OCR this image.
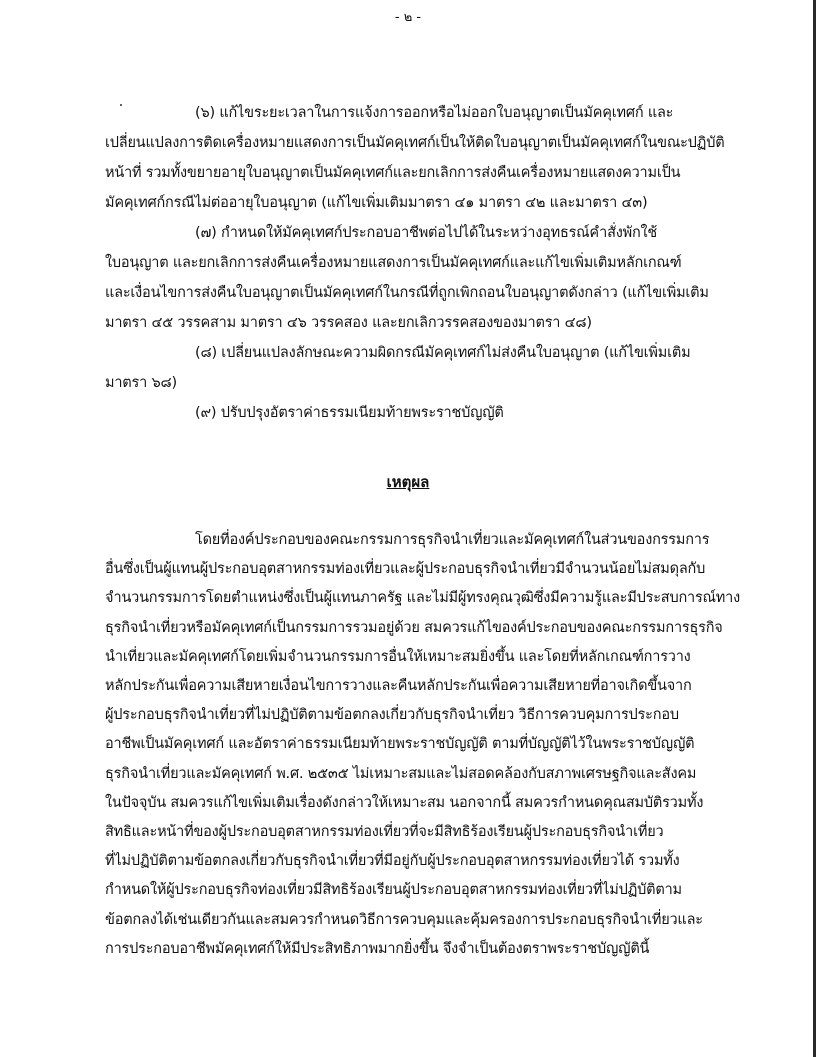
- ๒ -
(๖) แก้ไขระยะเวลาในการแจ้งการออกหรือไม่ออกใบอนุญาตเป็นมัคคุเทศก์ และ
เปลี่ยนแปลงการติดเครื่องหมายแสดงการเป็นมัคคุเทศก์เป็นให้ติดใบอนุญาตเป็นมัคคุเทศก์ในขณะปฏิบัติ
หน้าที่ รวมทั้งขยายอายุใบอนุญาตเป็นมัคคุเทศก์และยกเลิกการส่งคืนเครื่องหมายแสดงความเป็น
มัคคุเทศก์กรณีไม่ต่ออายุใบอนุญาต (แก้ไขเพิ่มเติมมาตรา ๔๑ มาตรา ๔๒ และมาตรา ๔๓)
(๗) กำหนดให้มัคคุเทศก์ประกอบอาชีพต่อไปได้ในระหว่างอุทธรณ์คำสั่งพักใช้
ใบอนุญาต และยกเลิกการส่งคืนเครื่องหมายแสดงการเป็นมัคคุเทศก์และแก้ไขเพิ่มเติมหลักเกณฑ์
และเงื่อนไขการส่งคืนใบอนุญาตเป็นมัคคุเทศก์ในกรณีที่ถูกเพิกถอนใบอนุญาตดังกล่าว (แก้ไขเพิ่มเติม
มาตรา ๔๕ วรรคสาม มาตรา ๔๖ วรรคสอง และยกเลิกวรรคสองของมาตรา ๔๘)
(๘) เปลี่ยนแปลงลักษณะความผิดกรณีมัคคุเทศก์ไม่ส่งคืนใบอนุญาต (แก้ไขเพิ่มเติม
มาตรา ๖๘)
(๙) ปรับปรุงอัตราค่าธรรมเนียมท้ายพระราชบัญญัติ
เหตุผล
โดยที่องค์ประกอบของคณะกรรมการธุรกิจนำเที่ยวและมัคคุเทศก์ในส่วนของกรรมการ
อื่นซึ่งเป็นผู้แทนผู้ประกอบอุตสาหกรรมท่องเที่ยวและผู้ประกอบธุรกิจนำเที่ยวมีจำนวนน้อยไม่สมดุลกับ
จำนวนกรรมการโดยตำแหน่งซึ่งเป็นผู้แทนภาครัฐ และไม่มีผู้ทรงคุณวุฒิซึ่งมีความรู้และมีประสบการณ์ทาง
ธุรกิจนำเที่ยวหรือมัคคุเทศก์เป็นกรรมการรวมอยู่ด้วย สมควรแก้ไของค์ประกอบของคณะกรรมการธุรกิจ
นำเที่ยวและมัคคุเทศก์โดยเพิ่มจำนวนกรรมการอื่นให้เหมาะสมยิ่งขึ้น และโดยที่หลักเกณฑ์การวาง
หลักประกันเพื่อความเสียหายเงื่อนไขการวางและคืนหลักประกันเพื่อความเสียหายที่อาจเกิดขึ้นจาก
ผู้ประกอบธุรกิจนำเที่ยวที่ไม่ปฏิบัติตามข้อตกลงเกี่ยวกับธุรกิจนำเที่ยว วิธีการควบคุมการประกอบ
อาชีพเป็นมัคคุเทศก์ และอัตราค่าธรรมเนียมท้ายพระราชบัญญัติ ตามที่บัญญัติไว้ในพระราชบัญญัติ
ธุรกิจนำเที่ยวและมัคคุเทศก์ พ.ศ. ๒๕๓๕ ไม่เหมาะสมและไม่สอดคล้องกับสภาพเศรษฐกิจและสังคม
ในปัจจุบัน สมควรแก้ไขเพิ่มเติมเรื่องดังกล่าวให้เหมาะสม นอกจากนี้ สมควรกำหนดคุณสมบัติรวมทั้ง
สิทธิและหน้าที่ของผู้ประกอบอุตสาหกรรมท่องเที่ยวที่จะมีสิทธิร้องเรียนผู้ประกอบธุรกิจนำเที่ยว
ที่ไม่ปฏิบัติตามข้อตกลงเกี่ยวกับธุรกิจนำเที่ยวที่มีอยู่กับผู้ประกอบอุตสาหกรรมท่องเที่ยวได้ รวมทั้ง
กำหนดให้ผู้ประกอบธุรกิจท่องเที่ยวมีสิทธิร้องเรียนผู้ประกอบอุตสาหกรรมท่องเที่ยวที่ไม่ปฏิบัติตาม
ข้อตกลงได้เช่นเดียวกันและสมควรกำหนดวิธีการควบคุมและคุ้มครองการประกอบธุรกิจนำเที่ยวและ
การประกอบอาชีพมัคคุเทศก์ให้มีประสิทธิภาพมากยิ่งขึ้น จึงจำเป็นต้องตราพระราชบัญญัตินี้
